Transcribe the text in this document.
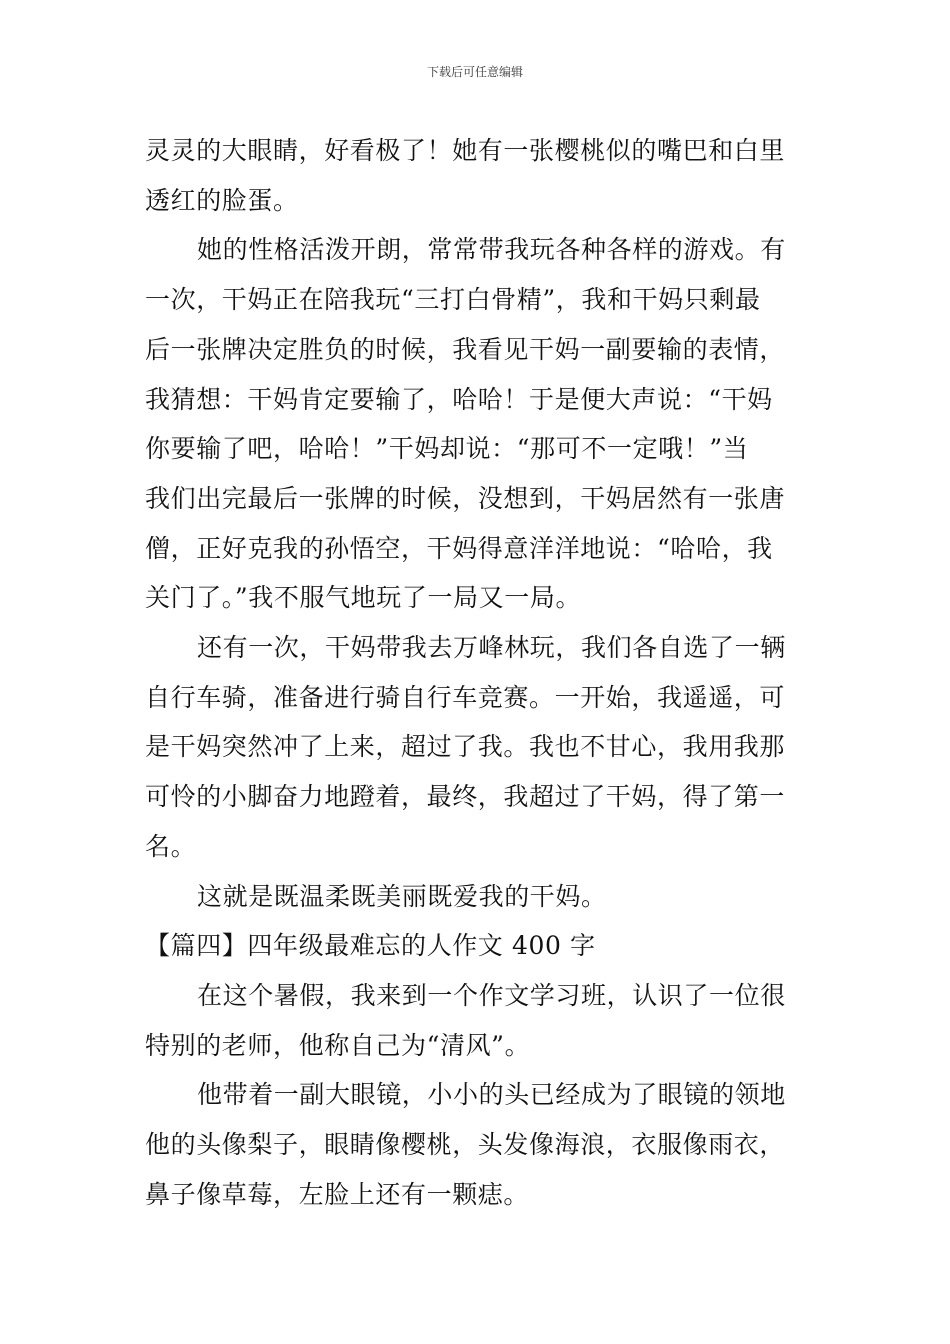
下载后可任意编辑
灵灵的大眼睛，好看极了！她有一张樱桃似的嘴巴和白里
透红的脸蛋。
她的性格活泼开朗，常常带我玩各种各样的游戏。有
一次，干妈正在陪我玩“三打白骨精”，我和干妈只剩最
后一张牌决定胜负的时候，我看见干妈一副要输的表情，
我猜想：干妈肯定要输了，哈哈！于是便大声说：“干妈
你要输了吧，哈哈！”干妈却说：“那可不一定哦！”当
我们出完最后一张牌的时候，没想到，干妈居然有一张唐
僧，正好克我的孙悟空，干妈得意洋洋地说：“哈哈，我
关门了。”我不服气地玩了一局又一局。
还有一次，干妈带我去万峰林玩，我们各自选了一辆
自行车骑，准备进行骑自行车竞赛。一开始，我遥遥，可
是干妈突然冲了上来，超过了我。我也不甘心，我用我那
可怜的小脚奋力地蹬着，最终，我超过了干妈，得了第一
名。
这就是既温柔既美丽既爱我的干妈。
【篇四】四年级最难忘的人作文 400 字
在这个暑假，我来到一个作文学习班，认识了一位很
特别的老师，他称自己为“清风”。
他带着一副大眼镜，小小的头已经成为了眼镜的领地
他的头像梨子，眼睛像樱桃，头发像海浪，衣服像雨衣，
鼻子像草莓，左脸上还有一颗痣。
